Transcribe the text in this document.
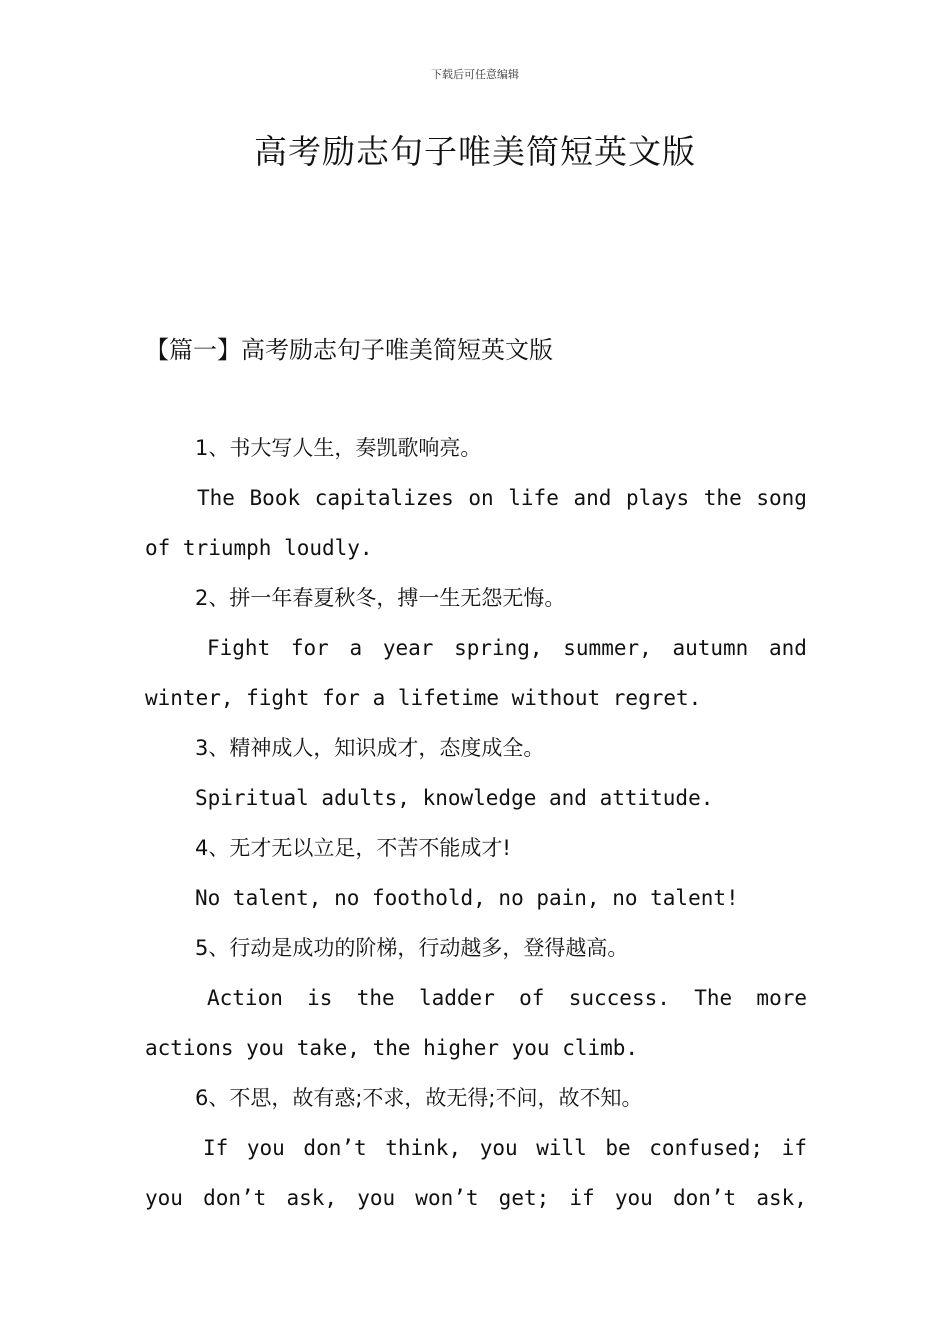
下载后可任意编辑
高考励志句子唯美简短英文版
【篇一】高考励志句子唯美简短英文版
1、书大写人生，奏凯歌响亮。
The Book capitalizes on life and plays the song
of triumph loudly.
2、拼一年春夏秋冬，搏一生无怨无悔。
Fight for a year spring, summer, autumn and
winter, fight for a lifetime without regret.
3、精神成人，知识成才，态度成全。
Spiritual adults, knowledge and attitude.
4、无才无以立足，不苦不能成才!
No talent, no foothold, no pain, no talent!
5、行动是成功的阶梯，行动越多，登得越高。
Action is the ladder of success. The more
actions you take, the higher you climb.
6、不思，故有惑;不求，故无得;不问，故不知。
If you don’t think, you will be confused; if
you don’t ask, you won’t get; if you don’t ask,
